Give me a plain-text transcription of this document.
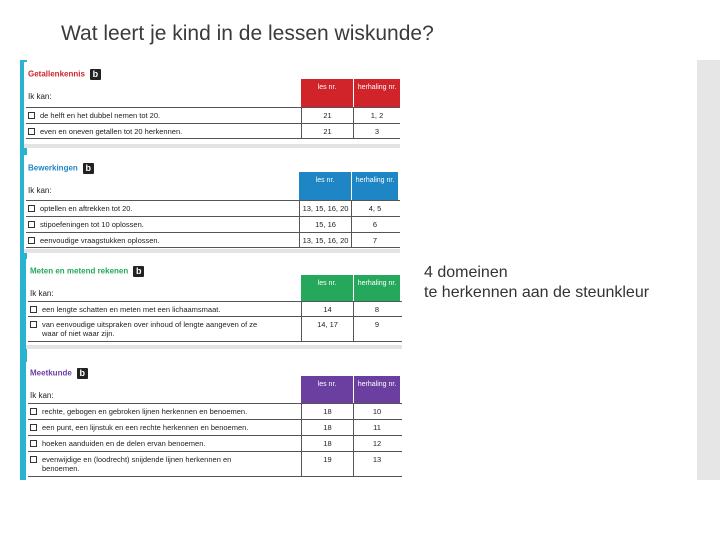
Wat leert je kind in de lessen wiskunde?
Getallenkennis b
Ik kan:
les nr.	herhaling nr.
de helft en het dubbel nemen tot 20.	21	1, 2
even en oneven getallen tot 20 herkennen.	21	3
Bewerkingen b
Ik kan:
les nr.	herhaling nr.
optellen en aftrekken tot 20.	13, 15, 16, 20	4, 5
stipoefeningen tot 10 oplossen.	15, 16	6
eenvoudige vraagstukken oplossen.	13, 15, 16, 20	7
Meten en metend rekenen b
Ik kan:
les nr.	herhaling nr.
een lengte schatten en meten met een lichaamsmaat.	14	8
van eenvoudige uitspraken over inhoud of lengte aangeven of ze
waar of niet waar zijn.
14, 17	9
Meetkunde b
Ik kan:
les nr.	herhaling nr.
rechte, gebogen en gebroken lijnen herkennen en benoemen.	18	10
een punt, een lijnstuk en een rechte herkennen en benoemen.	18	11
hoeken aanduiden en de delen ervan benoemen.	18	12
evenwijdige en (loodrecht) snijdende lijnen herkennen en
benoemen.
19	13
4 domeinen
te herkennen aan de steunkleur
